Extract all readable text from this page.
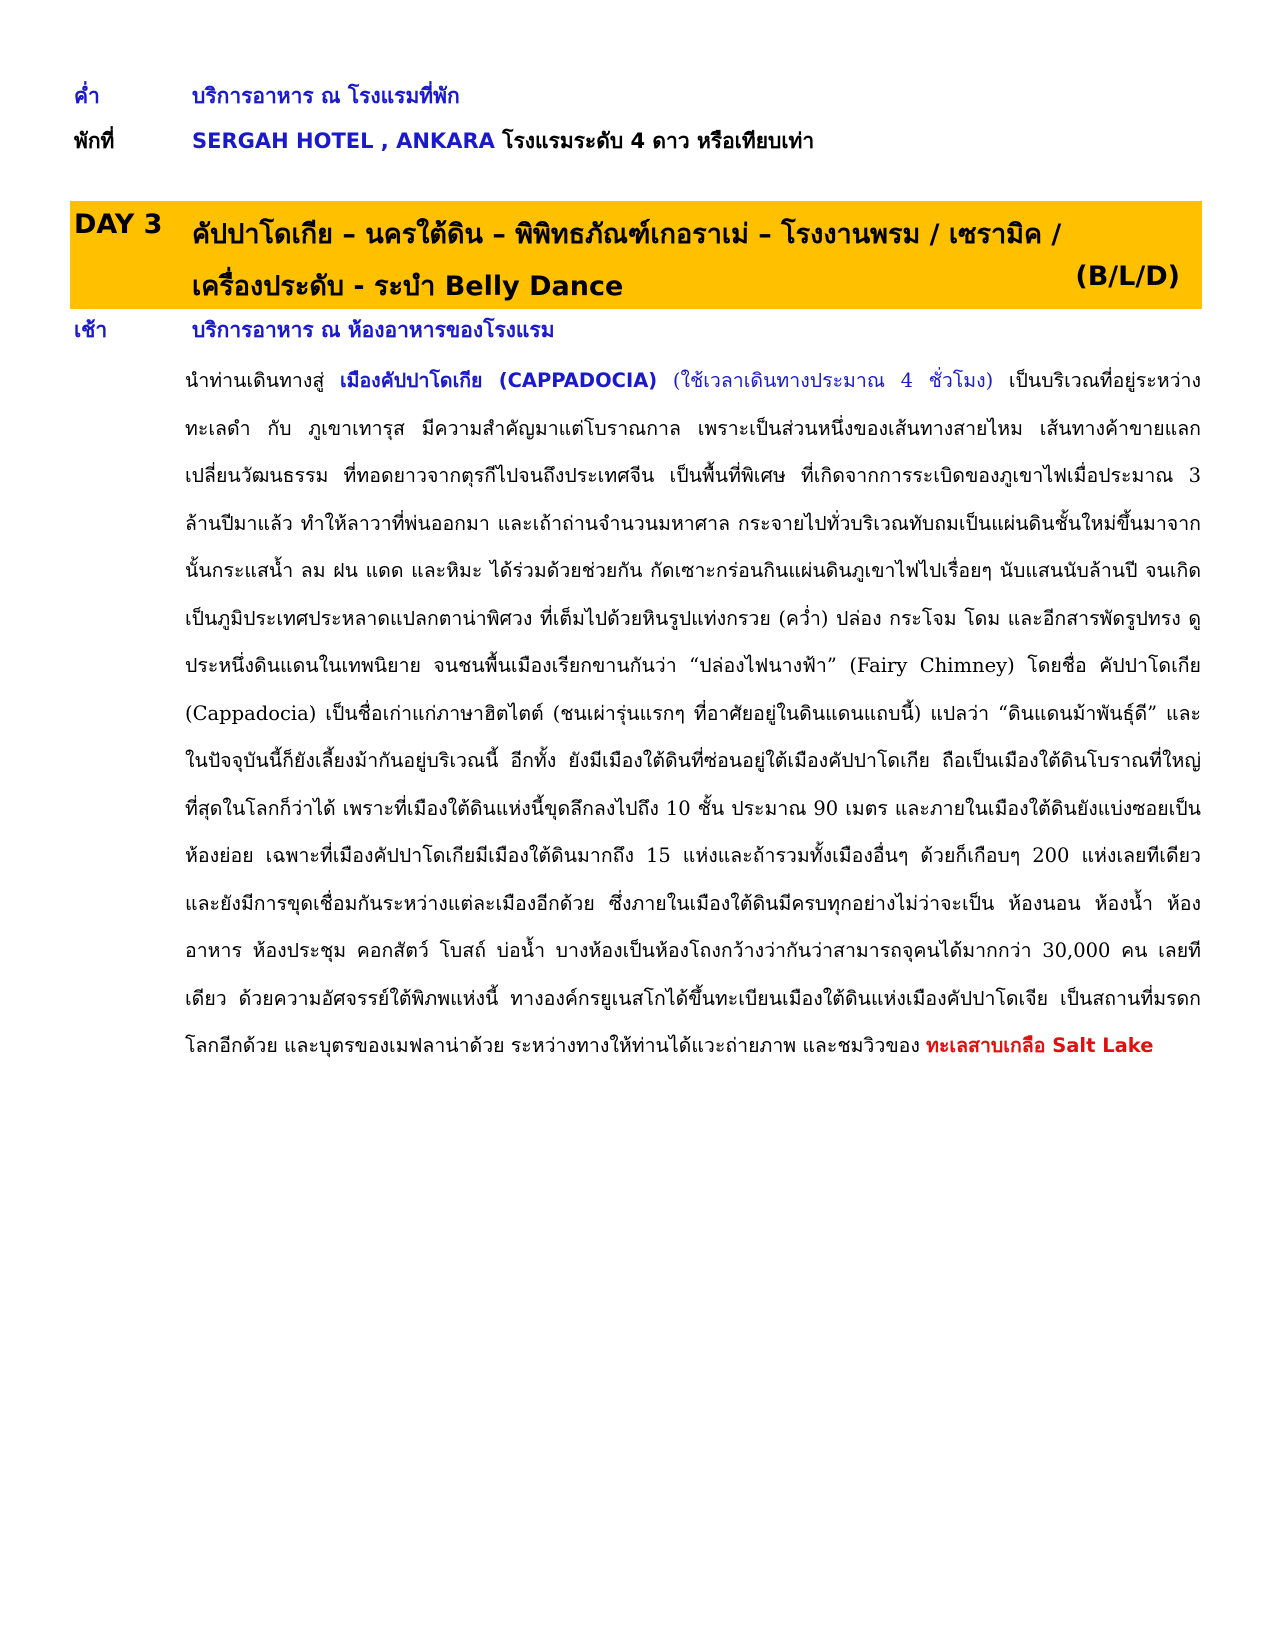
ค่ำ	บริการอาหาร ณ โรงแรมที่พัก
พักที่	SERGAH HOTEL , ANKARA โรงแรมระดับ 4 ดาว หรือเทียบเท่า
DAY 3 คัปปาโดเกีย – นครใต้ดิน – พิพิทธภัณฑ์เกอราเม่ – โรงงานพรม / เซรามิค /
เครื่องประดับ - ระบำ Belly Dance	(B/L/D)
เช้า	บริการอาหาร ณ ห้องอาหารของโรงแรม
นำท่านเดินทางสู่ เมืองคัปปาโดเกีย (CAPPADOCIA) (ใช้เวลาเดินทางประมาณ 4 ชั่วโมง) เป็นบริเวณที่อยู่ระหว่าง ทะเลดำ กับ ภูเขาเทารุส มีความสำคัญมาแต่โบราณกาล เพราะเป็นส่วนหนึ่งของเส้นทางสายไหม เส้นทางค้าขายแลกเปลี่ยนวัฒนธรรม ที่ทอดยาวจากตุรกีไปจนถึงประเทศจีน เป็นพื้นที่พิเศษ ที่เกิดจากการระเบิดของภูเขาไฟเมื่อประมาณ 3 ล้านปีมาแล้ว ทำให้ลาวาที่พ่นออกมา และเถ้าถ่านจำนวนมหาศาล กระจายไปทั่วบริเวณทับถมเป็นแผ่นดินชั้นใหม่ขึ้นมาจากนั้นกระแสน้ำ ลม ฝน แดด และหิมะ ได้ร่วมด้วยช่วยกัน กัดเซาะกร่อนกินแผ่นดินภูเขาไฟไปเรื่อยๆ นับแสนนับล้านปี จนเกิดเป็นภูมิประเทศประหลาดแปลกตาน่าพิศวง ที่เต็มไปด้วยหินรูปแท่งกรวย (คว่ำ) ปล่อง กระโจม โดม และอีกสารพัดรูปทรง ดูประหนึ่งดินแดนในเทพนิยาย จนชนพื้นเมืองเรียกขานกันว่า “ปล่องไฟนางฟ้า” (Fairy Chimney) โดยชื่อ คัปปาโดเกีย (Cappadocia) เป็นชื่อเก่าแก่ภาษาฮิตไตต์ (ชนเผ่ารุ่นแรกๆ ที่อาศัยอยู่ในดินแดนแถบนี้) แปลว่า “ดินแดนม้าพันธุ์ดี” และในปัจจุบันนี้ก็ยังเลี้ยงม้ากันอยู่บริเวณนี้ อีกทั้ง ยังมีเมืองใต้ดินที่ซ่อนอยู่ใต้เมืองคัปปาโดเกีย ถือเป็นเมืองใต้ดินโบราณที่ใหญ่ที่สุดในโลกก็ว่าได้ เพราะที่เมืองใต้ดินแห่งนี้ขุดลึกลงไปถึง 10 ชั้น ประมาณ 90 เมตร และภายในเมืองใต้ดินยังแบ่งซอยเป็นห้องย่อย เฉพาะที่เมืองคัปปาโดเกียมีเมืองใต้ดินมากถึง 15 แห่งและถ้ารวมทั้งเมืองอื่นๆ ด้วยก็เกือบๆ 200 แห่งเลยทีเดียว และยังมีการขุดเชื่อมกันระหว่างแต่ละเมืองอีกด้วย ซึ่งภายในเมืองใต้ดินมีครบทุกอย่างไม่ว่าจะเป็น ห้องนอน ห้องน้ำ ห้องอาหาร ห้องประชุม คอกสัตว์ โบสถ์ บ่อน้ำ บางห้องเป็นห้องโถงกว้างว่ากันว่าสามารถจุคนได้มากกว่า 30,000 คน เลยทีเดียว ด้วยความอัศจรรย์ใต้พิภพแห่งนี้ ทางองค์กรยูเนสโกได้ขึ้นทะเบียนเมืองใต้ดินแห่งเมืองคัปปาโดเจีย เป็นสถานที่มรดกโลกอีกด้วย และบุตรของเมฟลาน่าด้วย ระหว่างทางให้ท่านได้แวะถ่ายภาพ และชมวิวของ ทะเลสาบเกลือ Salt Lake
